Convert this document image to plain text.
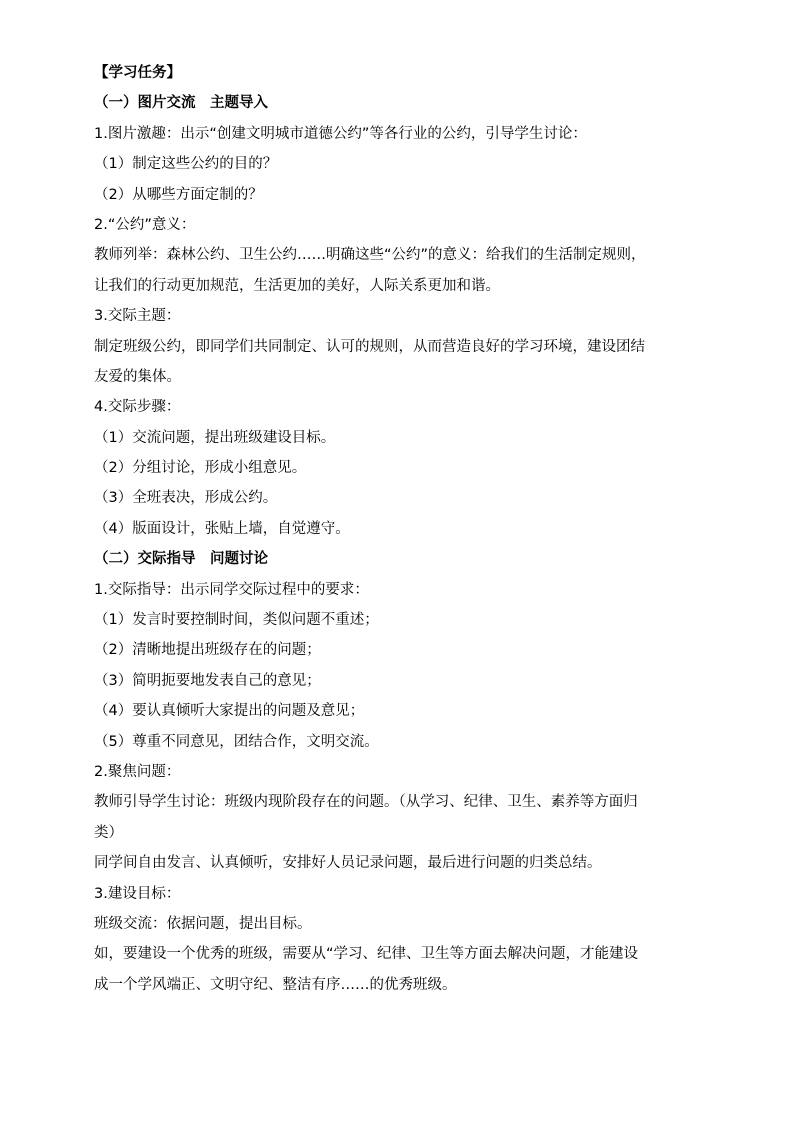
【学习任务】
（一）图片交流　主题导入
1.图片激趣：出示“创建文明城市道德公约”等各行业的公约，引导学生讨论：
（1）制定这些公约的目的？
（2）从哪些方面定制的？
2.“公约”意义：
教师列举：森林公约、卫生公约……明确这些“公约”的意义：给我们的生活制定规则，
让我们的行动更加规范，生活更加的美好，人际关系更加和谐。
3.交际主题：
制定班级公约，即同学们共同制定、认可的规则，从而营造良好的学习环境，建设团结
友爱的集体。
4.交际步骤：
（1）交流问题，提出班级建设目标。
（2）分组讨论，形成小组意见。
（3）全班表决，形成公约。
（4）版面设计，张贴上墙，自觉遵守。
（二）交际指导　问题讨论
1.交际指导：出示同学交际过程中的要求：
（1）发言时要控制时间，类似问题不重述；
（2）清晰地提出班级存在的问题；
（3）简明扼要地发表自己的意见；
（4）要认真倾听大家提出的问题及意见；
（5）尊重不同意见，团结合作，文明交流。
2.聚焦问题：
教师引导学生讨论：班级内现阶段存在的问题。（从学习、纪律、卫生、素养等方面归
类）
同学间自由发言、认真倾听，安排好人员记录问题，最后进行问题的归类总结。
3.建设目标：
班级交流：依据问题，提出目标。
如，要建设一个优秀的班级，需要从“学习、纪律、卫生等方面去解决问题，才能建设
成一个学风端正、文明守纪、整洁有序……的优秀班级。
